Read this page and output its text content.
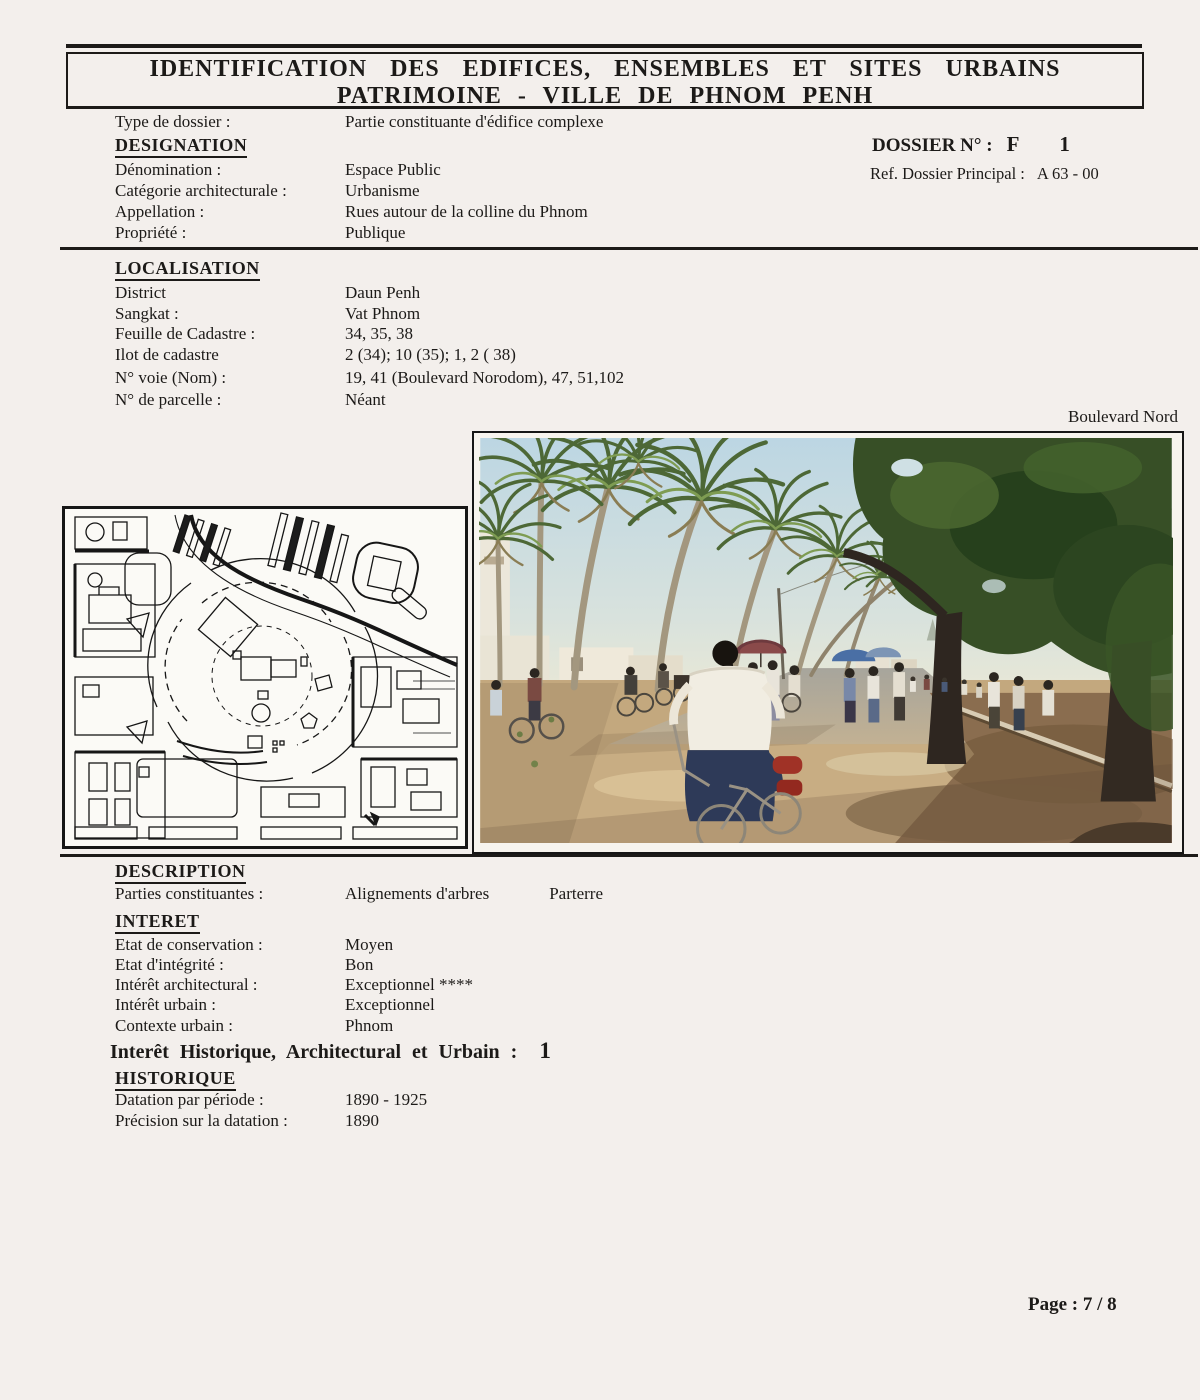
IDENTIFICATION DES EDIFICES, ENSEMBLES ET SITES URBAINS
PATRIMOINE - VILLE DE PHNOM PENH
DOSSIER N° : F 1
Ref. Dossier Principal : A 63 - 00
Type de dossier :	Partie constituante d'édifice complexe
DESIGNATION
Dénomination :	Espace Public
Catégorie architecturale :	Urbanisme
Appellation :	Rues autour de la colline du Phnom
Propriété :	Publique
LOCALISATION
District	Daun Penh
Sangkat :	Vat Phnom
Feuille de Cadastre :	34, 35, 38
Ilot de cadastre	2 (34); 10 (35); 1, 2 ( 38)
N° voie (Nom) :	19, 41 (Boulevard Norodom), 47, 51,102
N° de parcelle :	Néant
Boulevard Nord
DESCRIPTION
Parties constituantes :	Alignements d'arbres	Parterre
INTERET
Etat de conservation :	Moyen
Etat d'intégrité :	Bon
Intérêt architectural :	Exceptionnel ****
Intérêt urbain :	Exceptionnel
Contexte urbain :	Phnom
Interêt Historique, Architectural et Urbain : 1
HISTORIQUE
Datation par période :	1890 - 1925
Précision sur la datation :	1890
Page : 7 / 8
